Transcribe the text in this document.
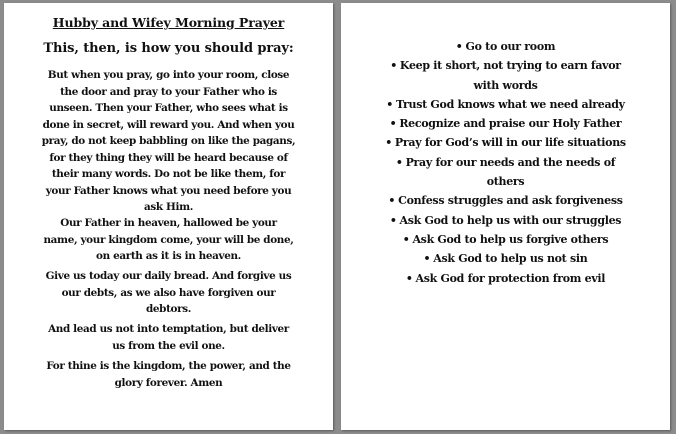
Hubby and Wifey Morning Prayer
This, then, is how you should pray:

But when you pray, go into your room, close the door and pray to your Father who is unseen. Then your Father, who sees what is done in secret, will reward you. And when you pray, do not keep babbling on like the pagans, for they thing they will be heard because of their many words. Do not be like them, for your Father knows what you need before you ask Him.

Our Father in heaven, hallowed be your name, your kingdom come, your will be done, on earth as it is in heaven.

Give us today our daily bread. And forgive us our debts, as we also have forgiven our debtors.

And lead us not into temptation, but deliver us from the evil one.

For thine is the kingdom, the power, and the glory forever. Amen

• Go to our room
• Keep it short, not trying to earn favor with words
• Trust God knows what we need already
• Recognize and praise our Holy Father
• Pray for God’s will in our life situations
• Pray for our needs and the needs of others
• Confess struggles and ask forgiveness
• Ask God to help us with our struggles
• Ask God to help us forgive others
• Ask God to help us not sin
• Ask God for protection from evil
